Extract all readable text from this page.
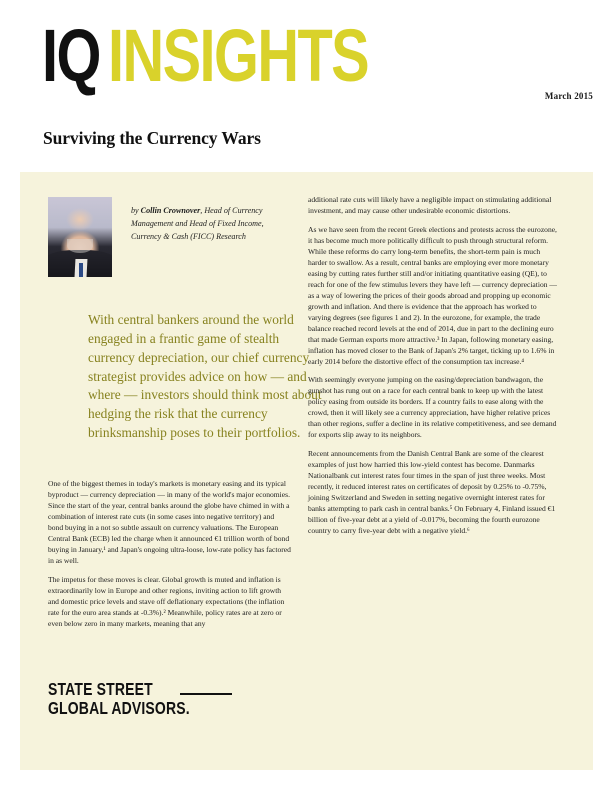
IQ INSIGHTS	March 2015
Surviving the Currency Wars

by Collin Crownover, Head of Currency Management and Head of Fixed Income, Currency & Cash (FICC) Research

With central bankers around the world engaged in a frantic game of stealth currency depreciation, our chief currency strategist provides advice on how — and where — investors should think most about hedging the risk that the currency brinksmanship poses to their portfolios.

One of the biggest themes in today's markets is monetary easing and its typical byproduct — currency depreciation — in many of the world's major economies. Since the start of the year, central banks around the globe have chimed in with a combination of interest rate cuts (in some cases into negative territory) and bond buying in a not so subtle assault on currency valuations. The European Central Bank (ECB) led the charge when it announced €1 trillion worth of bond buying in January,¹ and Japan's ongoing ultra-loose, low-rate policy has factored in as well.

The impetus for these moves is clear. Global growth is muted and inflation is extraordinarily low in Europe and other regions, inviting action to lift growth and domestic price levels and stave off deflationary expectations (the inflation rate for the euro area stands at -0.3%).² Meanwhile, policy rates are at zero or even below zero in many markets, meaning that any

additional rate cuts will likely have a negligible impact on stimulating additional investment, and may cause other undesirable economic distortions.

As we have seen from the recent Greek elections and protests across the eurozone, it has become much more politically difficult to push through structural reform. While these reforms do carry long-term benefits, the short-term pain is much harder to swallow. As a result, central banks are employing ever more monetary easing by cutting rates further still and/or initiating quantitative easing (QE), to reach for one of the few stimulus levers they have left — currency depreciation — as a way of lowering the prices of their goods abroad and propping up economic growth and inflation. And there is evidence that the approach has worked to varying degrees (see figures 1 and 2). In the eurozone, for example, the trade balance reached record levels at the end of 2014, due in part to the declining euro that made German exports more attractive.³ In Japan, following monetary easing, inflation has moved closer to the Bank of Japan's 2% target, ticking up to 1.6% in early 2014 before the distortive effect of the consumption tax increase.⁴

With seemingly everyone jumping on the easing/depreciation bandwagon, the gunshot has rung out on a race for each central bank to keep up with the latest policy easing from outside its borders. If a country fails to ease along with the crowd, then it will likely see a currency appreciation, have higher relative prices than other regions, suffer a decline in its relative competitiveness, and see demand for exports slip away to its neighbors.

Recent announcements from the Danish Central Bank are some of the clearest examples of just how harried this low-yield contest has become. Danmarks Nationalbank cut interest rates four times in the span of just three weeks. Most recently, it reduced interest rates on certificates of deposit by 0.25% to -0.75%, joining Switzerland and Sweden in setting negative overnight interest rates for banks attempting to park cash in central banks.⁵ On February 4, Finland issued €1 billion of five-year debt at a yield of -0.017%, becoming the fourth eurozone country to carry five-year debt with a negative yield.⁶

STATE STREET
GLOBAL ADVISORS.
